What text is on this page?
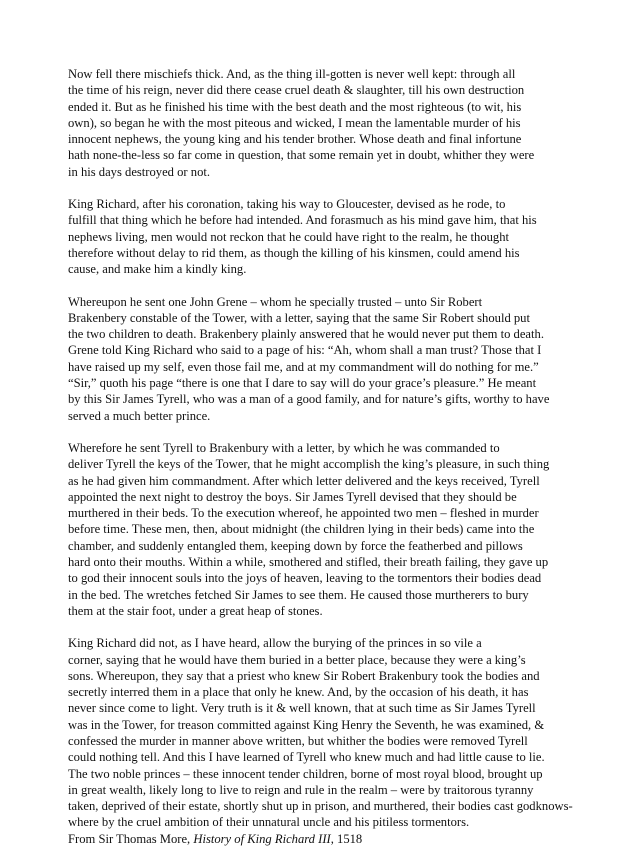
Now fell there mischiefs thick. And, as the thing ill-gotten is never well kept: through all
the time of his reign, never did there cease cruel death & slaughter, till his own destruction
ended it. But as he finished his time with the best death and the most righteous (to wit, his
own), so began he with the most piteous and wicked, I mean the lamentable murder of his
innocent nephews, the young king and his tender brother. Whose death and final infortune
hath none-the-less so far come in question, that some remain yet in doubt, whither they were
in his days destroyed or not.

King Richard, after his coronation, taking his way to Gloucester, devised as he rode, to
fulfill that thing which he before had intended. And forasmuch as his mind gave him, that his
nephews living, men would not reckon that he could have right to the realm, he thought
therefore without delay to rid them, as though the killing of his kinsmen, could amend his
cause, and make him a kindly king.

Whereupon he sent one John Grene – whom he specially trusted – unto Sir Robert
Brakenbery constable of the Tower, with a letter, saying that the same Sir Robert should put
the two children to death. Brakenbery plainly answered that he would never put them to death.
Grene told King Richard who said to a page of his: “Ah, whom shall a man trust? Those that I
have raised up my self, even those fail me, and at my commandment will do nothing for me.”
“Sir,” quoth his page “there is one that I dare to say will do your grace’s pleasure.” He meant
by this Sir James Tyrell, who was a man of a good family, and for nature’s gifts, worthy to have
served a much better prince.

Wherefore he sent Tyrell to Brakenbury with a letter, by which he was commanded to
deliver Tyrell the keys of the Tower, that he might accomplish the king’s pleasure, in such thing
as he had given him commandment. After which letter delivered and the keys received, Tyrell
appointed the next night to destroy the boys. Sir James Tyrell devised that they should be
murthered in their beds. To the execution whereof, he appointed two men – fleshed in murder
before time. These men, then, about midnight (the children lying in their beds) came into the
chamber, and suddenly entangled them, keeping down by force the featherbed and pillows
hard onto their mouths. Within a while, smothered and stifled, their breath failing, they gave up
to god their innocent souls into the joys of heaven, leaving to the tormentors their bodies dead
in the bed. The wretches fetched Sir James to see them. He caused those murtherers to bury
them at the stair foot, under a great heap of stones.

King Richard did not, as I have heard, allow the burying of the princes in so vile a
corner, saying that he would have them buried in a better place, because they were a king’s
sons. Whereupon, they say that a priest who knew Sir Robert Brakenbury took the bodies and
secretly interred them in a place that only he knew. And, by the occasion of his death, it has
never since come to light. Very truth is it & well known, that at such time as Sir James Tyrell
was in the Tower, for treason committed against King Henry the Seventh, he was examined, &
confessed the murder in manner above written, but whither the bodies were removed Tyrell
could nothing tell. And this I have learned of Tyrell who knew much and had little cause to lie.
The two noble princes – these innocent tender children, borne of most royal blood, brought up
in great wealth, likely long to live to reign and rule in the realm – were by traitorous tyranny
taken, deprived of their estate, shortly shut up in prison, and murthered, their bodies cast godknows-
where by the cruel ambition of their unnatural uncle and his pitiless tormentors.
From Sir Thomas More, History of King Richard III, 1518
